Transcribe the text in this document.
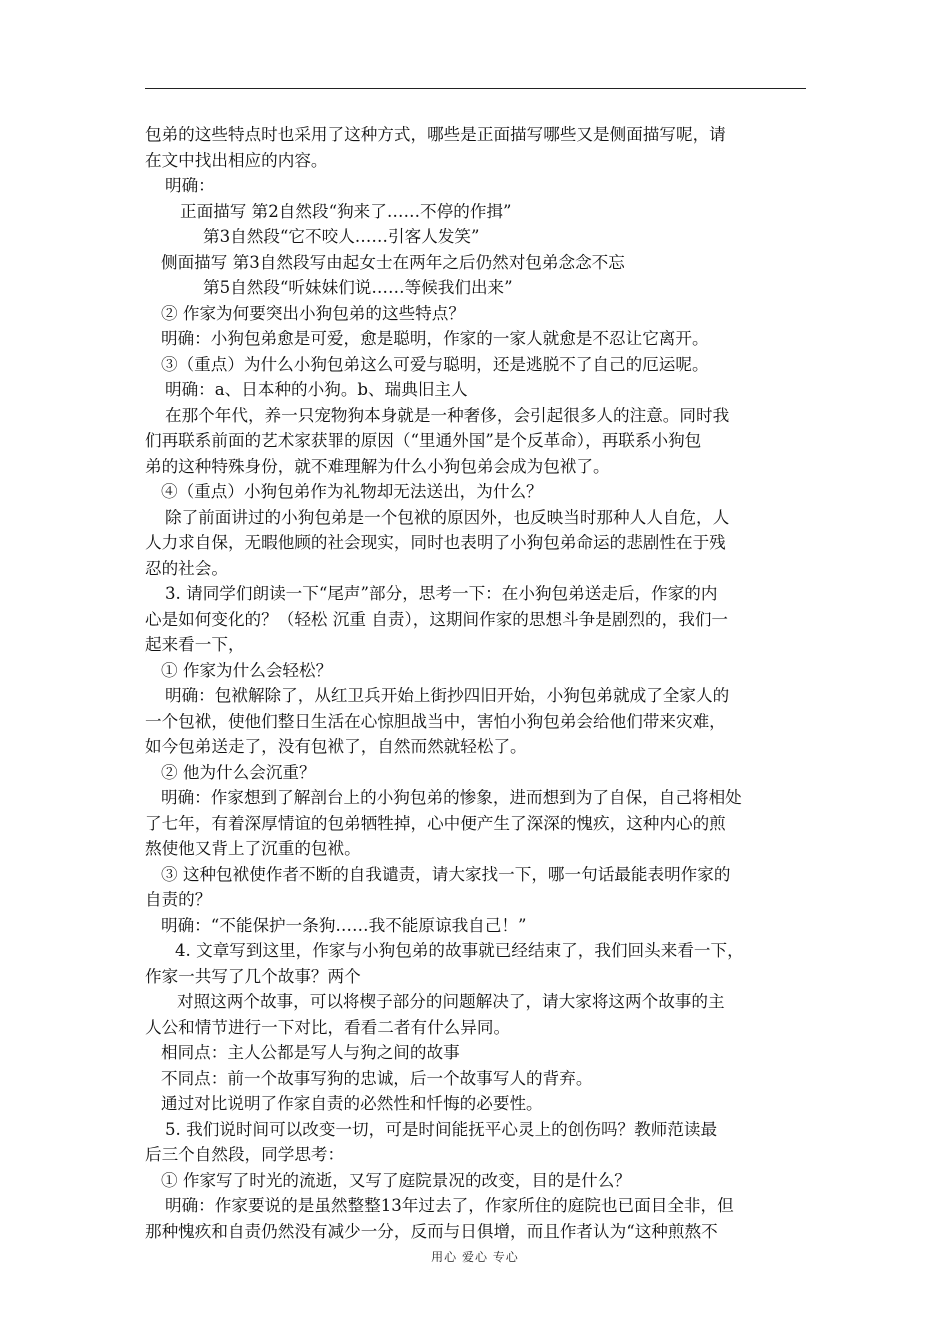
包弟的这些特点时也采用了这种方式，哪些是正面描写哪些又是侧面描写呢，请
在文中找出相应的内容。
明确：
正面描写 第2自然段“狗来了……不停的作揖”
第3自然段“它不咬人……引客人发笑”
侧面描写 第3自然段写由起女士在两年之后仍然对包弟念念不忘
第5自然段“听妹妹们说……等候我们出来”
② 作家为何要突出小狗包弟的这些特点？
明确：小狗包弟愈是可爱，愈是聪明，作家的一家人就愈是不忍让它离开。
③（重点）为什么小狗包弟这么可爱与聪明，还是逃脱不了自己的厄运呢。
明确：a、日本种的小狗。b、瑞典旧主人
在那个年代，养一只宠物狗本身就是一种奢侈，会引起很多人的注意。同时我
们再联系前面的艺术家获罪的原因（“里通外国”是个反革命），再联系小狗包
弟的这种特殊身份，就不难理解为什么小狗包弟会成为包袱了。
④（重点）小狗包弟作为礼物却无法送出，为什么？
除了前面讲过的小狗包弟是一个包袱的原因外，也反映当时那种人人自危，人
人力求自保，无暇他顾的社会现实，同时也表明了小狗包弟命运的悲剧性在于残
忍的社会。
3. 请同学们朗读一下“尾声”部分，思考一下：在小狗包弟送走后，作家的内
心是如何变化的？（轻松 沉重 自责），这期间作家的思想斗争是剧烈的，我们一
起来看一下，
① 作家为什么会轻松？
明确：包袱解除了，从红卫兵开始上街抄四旧开始，小狗包弟就成了全家人的
一个包袱，使他们整日生活在心惊胆战当中，害怕小狗包弟会给他们带来灾难，
如今包弟送走了，没有包袱了，自然而然就轻松了。
② 他为什么会沉重？
明确：作家想到了解剖台上的小狗包弟的惨象，进而想到为了自保，自己将相处
了七年，有着深厚情谊的包弟牺牲掉，心中便产生了深深的愧疚，这种内心的煎
熬使他又背上了沉重的包袱。
③ 这种包袱使作者不断的自我谴责，请大家找一下，哪一句话最能表明作家的
自责的？
明确：“不能保护一条狗……我不能原谅我自己！”
4. 文章写到这里，作家与小狗包弟的故事就已经结束了，我们回头来看一下，
作家一共写了几个故事？两个
对照这两个故事，可以将楔子部分的问题解决了，请大家将这两个故事的主
人公和情节进行一下对比，看看二者有什么异同。
相同点：主人公都是写人与狗之间的故事
不同点：前一个故事写狗的忠诚，后一个故事写人的背弃。
通过对比说明了作家自责的必然性和忏悔的必要性。
5. 我们说时间可以改变一切，可是时间能抚平心灵上的创伤吗？教师范读最
后三个自然段，同学思考：
① 作家写了时光的流逝，又写了庭院景况的改变，目的是什么？
明确：作家要说的是虽然整整13年过去了，作家所住的庭院也已面目全非，但
那种愧疚和自责仍然没有减少一分，反而与日俱增，而且作者认为“这种煎熬不
用心 爱心 专心
